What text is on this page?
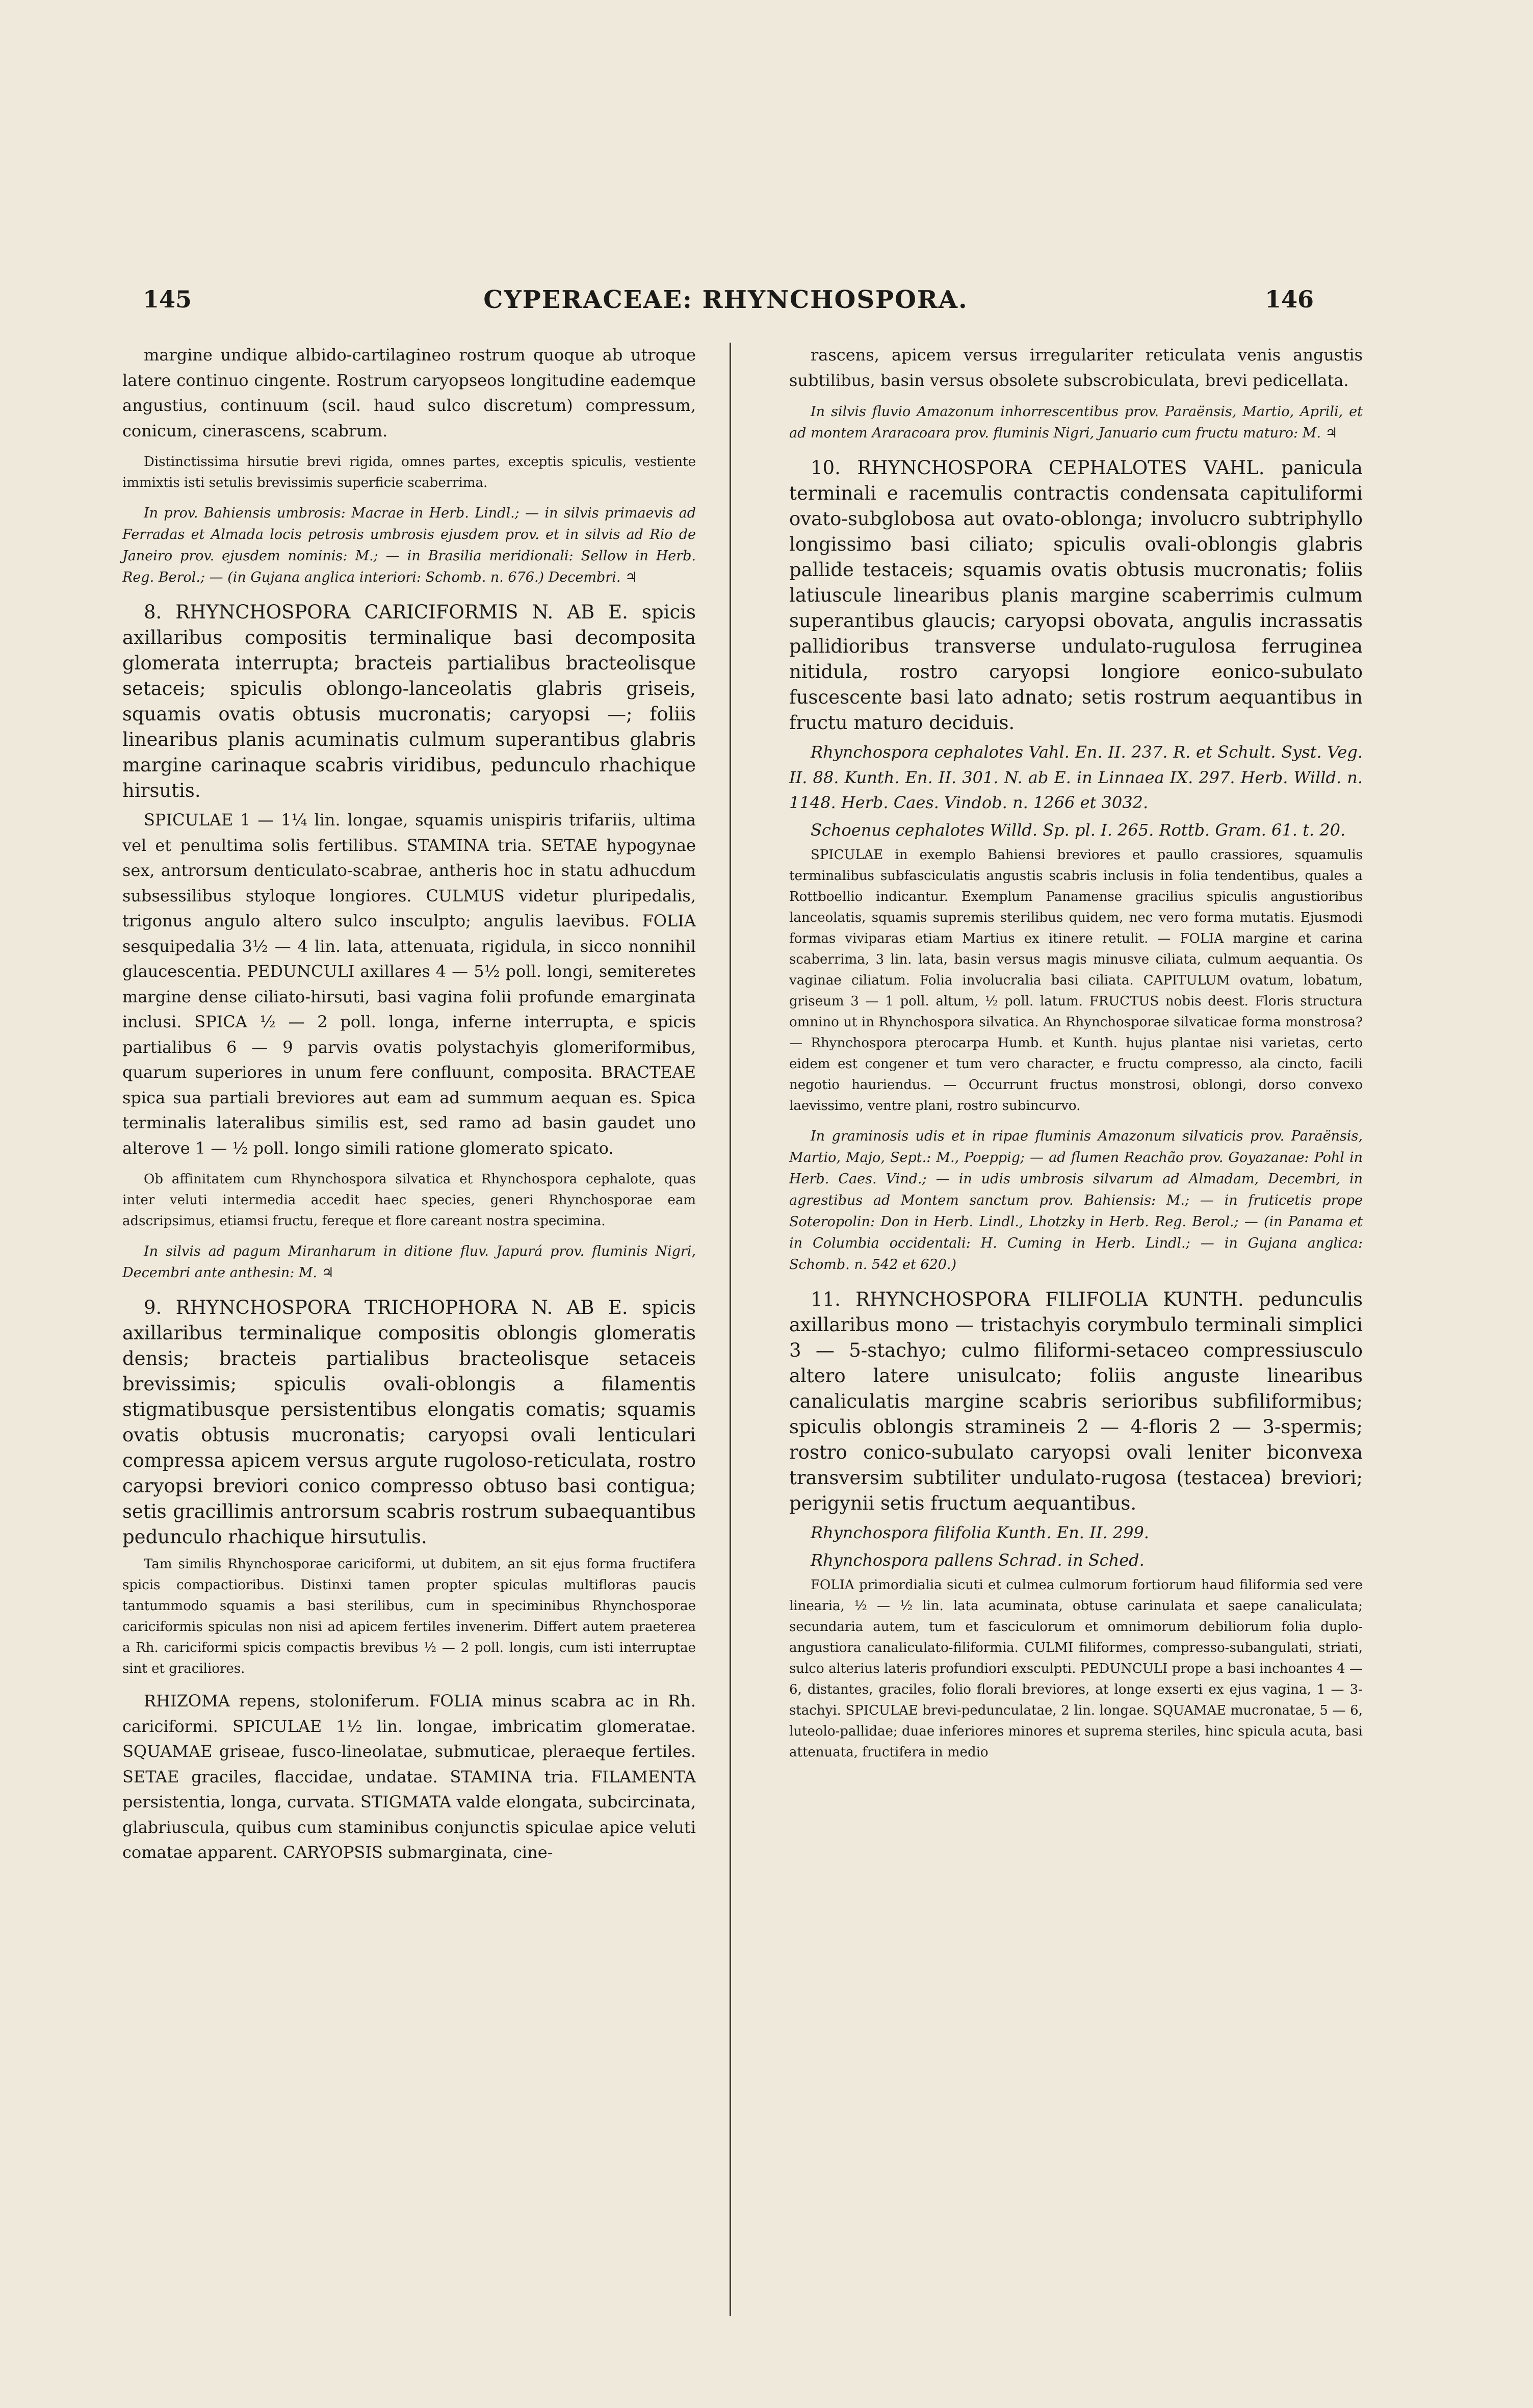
145	CYPERACEAE: RHYNCHOSPORA.	146

margine undique albido-cartilagineo rostrum quoque ab utroque latere continuo cingente. Rostrum caryopseos longitudine eademque angustius, continuum (scil. haud sulco discretum) compressum, conicum, cinerascens, scabrum.

Distinctissima hirsutie brevi rigida, omnes partes, exceptis spiculis, vestiente immixtis isti setulis brevissimis superficie scaberrima.

In prov. Bahiensis umbrosis: Macrae in Herb. Lindl.; — in silvis primaevis ad Ferradas et Almada locis petrosis umbrosis ejusdem prov. et in silvis ad Rio de Janeiro prov. ejusdem nominis: M.; — in Brasilia meridionali: Sellow in Herb. Reg. Berol.; — (in Gujana anglica interiori: Schomb. n. 676.) Decembri. ♃

8. RHYNCHOSPORA CARICIFORMIS N. AB E. spicis axillaribus compositis terminalique basi decomposita glomerata interrupta; bracteis partialibus bracteolisque setaceis; spiculis oblongo-lanceolatis glabris griseis, squamis ovatis obtusis mucronatis; caryopsi —; foliis linearibus planis acuminatis culmum superantibus glabris margine carinaque scabris viridibus, pedunculo rhachique hirsutis.

SPICULAE 1 — 1¼ lin. longae, squamis unispiris trifariis, ultima vel et penultima solis fertilibus. STAMINA tria. SETAE hypogynae sex, antrorsum denticulato-scabrae, antheris hoc in statu adhucdum subsessilibus styloque longiores. CULMUS videtur pluripedalis, trigonus angulo altero sulco insculpto; angulis laevibus. FOLIA sesquipedalia 3½ — 4 lin. lata, attenuata, rigidula, in sicco nonnihil glaucescentia. PEDUNCULI axillares 4 — 5½ poll. longi, semiteretes margine dense ciliato-hirsuti, basi vagina folii profunde emarginata inclusi. SPICA ½ — 2 poll. longa, inferne interrupta, e spicis partialibus 6 — 9 parvis ovatis polystachyis glomeriformibus, quarum superiores in unum fere confluunt, composita. BRACTEAE spica sua partiali breviores aut eam ad summum aequan es. Spica terminalis lateralibus similis est, sed ramo ad basin gaudet uno alterove 1 — ½ poll. longo simili ratione glomerato spicato.

Ob affinitatem cum Rhynchospora silvatica et Rhynchospora cephalote, quas inter veluti intermedia accedit haec species, generi Rhynchosporae eam adscripsimus, etiamsi fructu, fereque et flore careant nostra specimina.

In silvis ad pagum Miranharum in ditione fluv. Japurá prov. fluminis Nigri, Decembri ante anthesin: M. ♃

9. RHYNCHOSPORA TRICHOPHORA N. AB E. spicis axillaribus terminalique compositis oblongis glomeratis densis; bracteis partialibus bracteolisque setaceis brevissimis; spiculis ovali-oblongis a filamentis stigmatibusque persistentibus elongatis comatis; squamis ovatis obtusis mucronatis; caryopsi ovali lenticulari compressa apicem versus argute rugoloso-reticulata, rostro caryopsi breviori conico compresso obtuso basi contigua; setis gracillimis antrorsum scabris rostrum subaequantibus pedunculo rhachique hirsutulis.

Tam similis Rhynchosporae cariciformi, ut dubitem, an sit ejus forma fructifera spicis compactioribus. Distinxi tamen propter spiculas multifloras paucis tantummodo squamis a basi sterilibus, cum in speciminibus Rhynchosporae cariciformis spiculas non nisi ad apicem fertiles invenerim. Differt autem praeterea a Rh. cariciformi spicis compactis brevibus ½ — 2 poll. longis, cum isti interruptae sint et graciliores.

RHIZOMA repens, stoloniferum. FOLIA minus scabra ac in Rh. cariciformi. SPICULAE 1½ lin. longae, imbricatim glomeratae. SQUAMAE griseae, fusco-lineolatae, submuticae, pleraeque fertiles. SETAE graciles, flaccidae, undatae. STAMINA tria. FILAMENTA persistentia, longa, curvata. STIGMATA valde elongata, subcircinata, glabriuscula, quibus cum staminibus conjunctis spiculae apice veluti comatae apparent. CARYOPSIS submarginata, cine-

rascens, apicem versus irregulariter reticulata venis angustis subtilibus, basin versus obsolete subscrobiculata, brevi pedicellata.

In silvis fluvio Amazonum inhorrescentibus prov. Paraënsis, Martio, Aprili, et ad montem Araracoara prov. fluminis Nigri, Januario cum fructu maturo: M. ♃

10. RHYNCHOSPORA CEPHALOTES VAHL. panicula terminali e racemulis contractis condensata capituliformi ovato-subglobosa aut ovato-oblonga; involucro subtriphyllo longissimo basi ciliato; spiculis ovali-oblongis glabris pallide testaceis; squamis ovatis obtusis mucronatis; foliis latiuscule linearibus planis margine scaberrimis culmum superantibus glaucis; caryopsi obovata, angulis incrassatis pallidioribus transverse undulato-rugulosa ferruginea nitidula, rostro caryopsi longiore eonico-subulato fuscescente basi lato adnato; setis rostrum aequantibus in fructu maturo deciduis.

Rhynchospora cephalotes Vahl. En. II. 237. R. et Schult. Syst. Veg. II. 88. Kunth. En. II. 301. N. ab E. in Linnaea IX. 297. Herb. Willd. n. 1148. Herb. Caes. Vindob. n. 1266 et 3032.

Schoenus cephalotes Willd. Sp. pl. I. 265. Rottb. Gram. 61. t. 20.

SPICULAE in exemplo Bahiensi breviores et paullo crassiores, squamulis terminalibus subfasciculatis angustis scabris inclusis in folia tendentibus, quales a Rottboellio indicantur. Exemplum Panamense gracilius spiculis angustioribus lanceolatis, squamis supremis sterilibus quidem, nec vero forma mutatis. Ejusmodi formas viviparas etiam Martius ex itinere retulit. — FOLIA margine et carina scaberrima, 3 lin. lata, basin versus magis minusve ciliata, culmum aequantia. Os vaginae ciliatum. Folia involucralia basi ciliata. CAPITULUM ovatum, lobatum, griseum 3 — 1 poll. altum, ½ poll. latum. FRUCTUS nobis deest. Floris structura omnino ut in Rhynchospora silvatica. An Rhynchosporae silvaticae forma monstrosa? — Rhynchospora pterocarpa Humb. et Kunth. hujus plantae nisi varietas, certo eidem est congener et tum vero character, e fructu compresso, ala cincto, facili negotio hauriendus. — Occurrunt fructus monstrosi, oblongi, dorso convexo laevissimo, ventre plani, rostro subincurvo.

In graminosis udis et in ripae fluminis Amazonum silvaticis prov. Paraënsis, Martio, Majo, Sept.: M., Poeppig; — ad flumen Reachão prov. Goyazanae: Pohl in Herb. Caes. Vind.; — in udis umbrosis silvarum ad Almadam, Decembri, in agrestibus ad Montem sanctum prov. Bahiensis: M.; — in fruticetis prope Soteropolin: Don in Herb. Lindl., Lhotzky in Herb. Reg. Berol.; — (in Panama et in Columbia occidentali: H. Cuming in Herb. Lindl.; — in Gujana anglica: Schomb. n. 542 et 620.)

11. RHYNCHOSPORA FILIFOLIA KUNTH. pedunculis axillaribus mono — tristachyis corymbulo terminali simplici 3 — 5-stachyo; culmo filiformi-setaceo compressiusculo altero latere unisulcato; foliis anguste linearibus canaliculatis margine scabris serioribus subfiliformibus; spiculis oblongis stramineis 2 — 4-floris 2 — 3-spermis; rostro conico-subulato caryopsi ovali leniter biconvexa transversim subtiliter undulato-rugosa (testacea) breviori; perigynii setis fructum aequantibus.

Rhynchospora filifolia Kunth. En. II. 299.

Rhynchospora pallens Schrad. in Sched.

FOLIA primordialia sicuti et culmea culmorum fortiorum haud filiformia sed vere linearia, ½ — ½ lin. lata acuminata, obtuse carinulata et saepe canaliculata; secundaria autem, tum et fasciculorum et omnimorum debiliorum folia duplo-angustiora canaliculato-filiformia. CULMI filiformes, compresso-subangulati, striati, sulco alterius lateris profundiori exsculpti. PEDUNCULI prope a basi inchoantes 4 — 6, distantes, graciles, folio florali breviores, at longe exserti ex ejus vagina, 1 — 3-stachyi. SPICULAE brevi-pedunculatae, 2 lin. longae. SQUAMAE mucronatae, 5 — 6, luteolo-pallidae; duae inferiores minores et suprema steriles, hinc spicula acuta, basi attenuata, fructifera in medio
